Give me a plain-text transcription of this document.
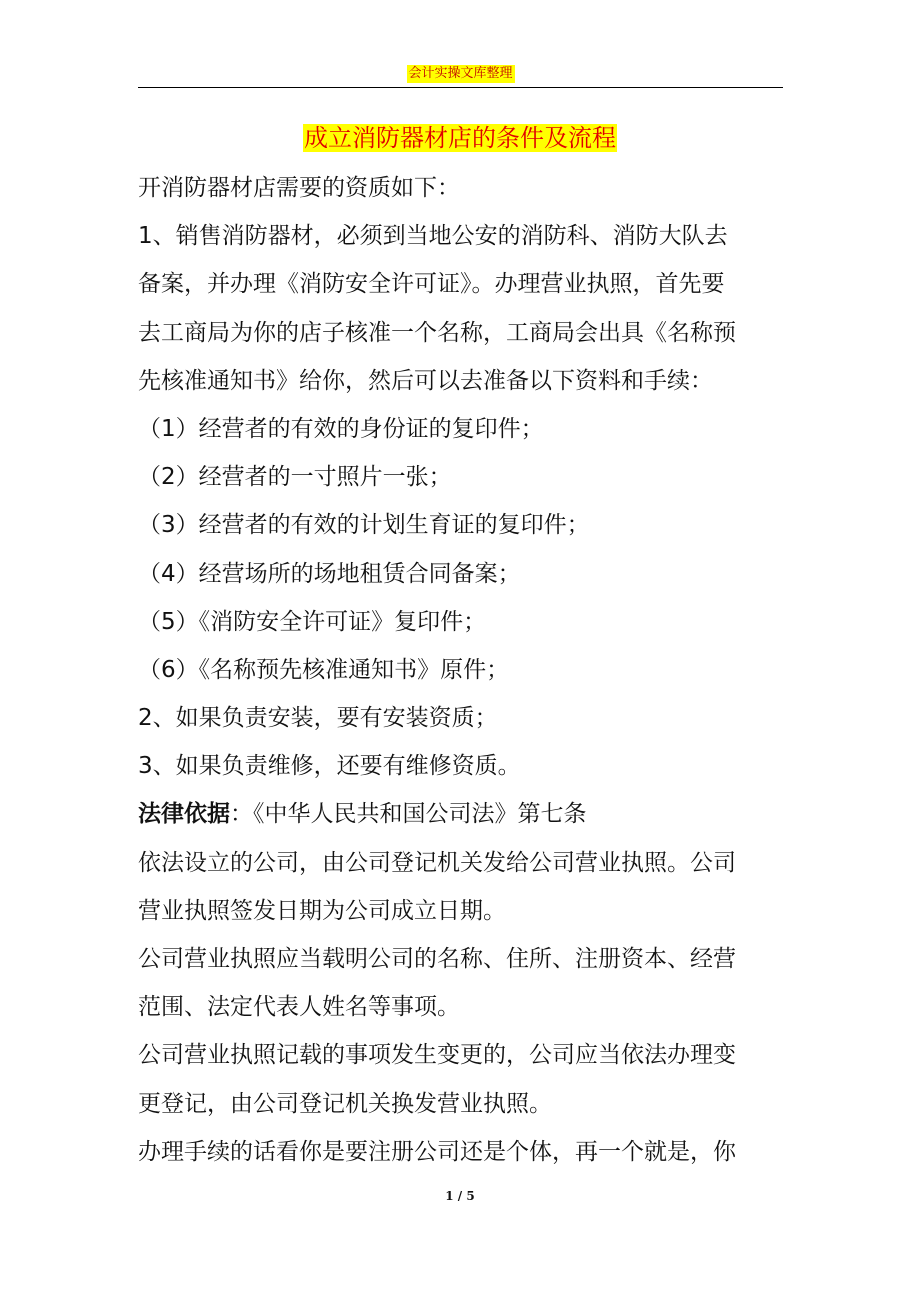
会计实操文库整理
成立消防器材店的条件及流程
开消防器材店需要的资质如下：
1、销售消防器材，必须到当地公安的消防科、消防大队去
备案，并办理《消防安全许可证》。办理营业执照，首先要
去工商局为你的店子核准一个名称，工商局会出具《名称预
先核准通知书》给你，然后可以去准备以下资料和手续：
（1）经营者的有效的身份证的复印件；
（2）经营者的一寸照片一张；
（3）经营者的有效的计划生育证的复印件；
（4）经营场所的场地租赁合同备案；
（5）《消防安全许可证》复印件；
（6）《名称预先核准通知书》原件；
2、如果负责安装，要有安装资质；
3、如果负责维修，还要有维修资质。
法律依据：《中华人民共和国公司法》第七条
依法设立的公司，由公司登记机关发给公司营业执照。公司
营业执照签发日期为公司成立日期。
公司营业执照应当载明公司的名称、住所、注册资本、经营
范围、法定代表人姓名等事项。
公司营业执照记载的事项发生变更的，公司应当依法办理变
更登记，由公司登记机关换发营业执照。
办理手续的话看你是要注册公司还是个体，再一个就是，你
1 / 5
